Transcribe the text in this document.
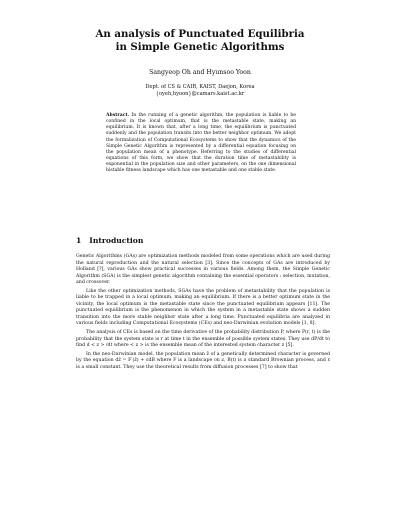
An analysis of Punctuated Equilibria
in Simple Genetic Algorithms
Sangyeop Oh and Hyunsoo Yoon
Dept. of CS & CAIR, KAIST, Daejon, Korea
{oyeh,hyoon}@camars.kaist.ac.kr
Abstract. In the running of a genetic algorithm, the population is liable to be confined in the local optimum, that is the metastable state, making an equilibrium. It is known that, after a long time, the equilibrium is punctuated suddenly and the population transits into the better neighbor optimum. We adopt the formalization of Computational Ecosystems to show that the dynamics of the Simple Genetic Algorithm is represented by a differential equation focusing on the population mean of a phenotype. Referring to the studies of differential equations of this form, we show that the duration time of metastability is exponential in the population size and other parameters, on the one dimensional bistable fitness landscape which has one metastable and one stable state.
1 Introduction

Genetic Algorithms (GAs) are optimization methods modeled from some operations which are used during the natural reproduction and the natural selection [3]. Since the concepts of GAs are introduced by Holland [?], various GAs show practical successes in various fields. Among them, the Simple Genetic Algorithm (SGA) is the simplest genetic algorithm containing the essential operators : selection, mutation, and crossover.

Like the other optimization methods, SGAs have the problem of metastability that the population is liable to be trapped in a local optimum, making an equilibrium. If there is a better optimum state in the vicinity, the local optimum is the metastable state since the punctuated equilibrium appears [11]. The punctuated equilibrium is the phenomenon in which the system in a metastable state shows a sudden transition into the more stable neighbor state after a long time. Punctuated equilibria are analyzed in various fields including Computational Ecosystems (CEs) and neo-Darwinian evolution models [1, 8].

The analysis of CEs is based on the time derivative of the probability distribution P, where P(r, t) is the probability that the system state is r at time t in the ensemble of possible system states. They use dP/dt to find d < z > /dt where < z > is the ensemble mean of the interested system character z [5].

In the neo-Darwinian model, the population mean z̄ of a genetically determined character is governed by the equation dz̄ = F′(z̄) + εdB where F is a landscape on z, B(t) is a standard Brownian process, and ε is a small constant. They use the theoretical results from diffusion processes [7] to show that
